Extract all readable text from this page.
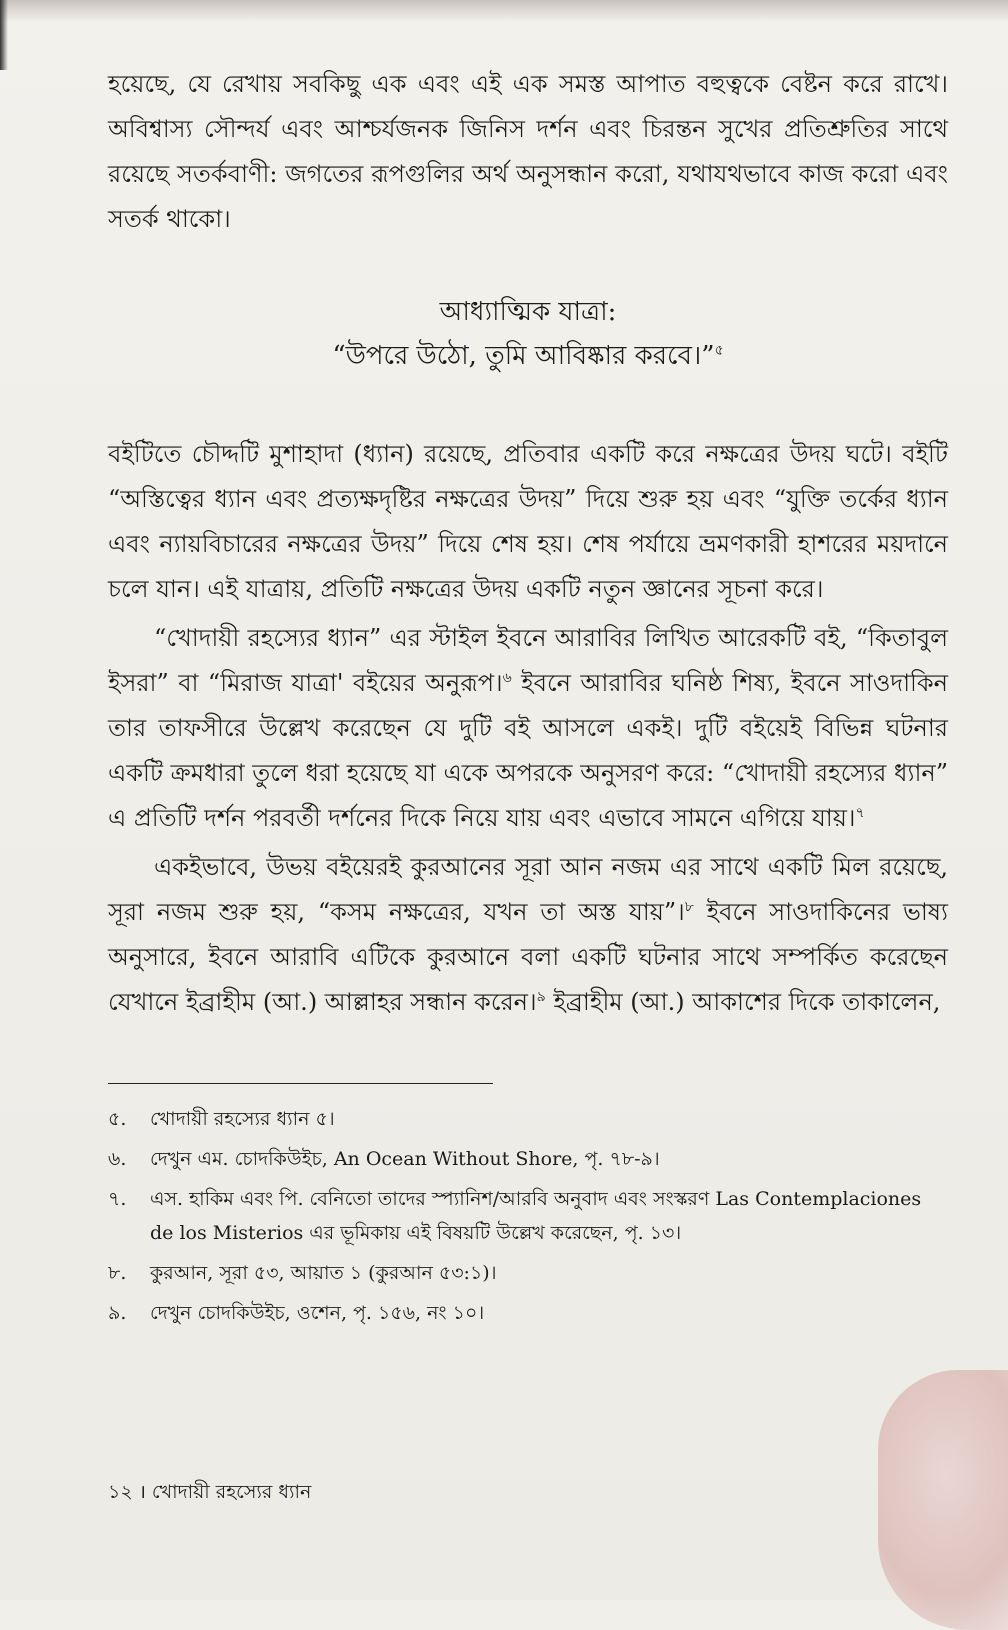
হয়েছে, যে রেখায় সবকিছু এক এবং এই এক সমস্ত আপাত বহুত্বকে বেষ্টন করে রাখে। অবিশ্বাস্য সৌন্দর্য এবং আশ্চর্যজনক জিনিস দর্শন এবং চিরন্তন সুখের প্রতিশ্রুতির সাথে রয়েছে সতর্কবাণী: জগতের রূপগুলির অর্থ অনুসন্ধান করো, যথাযথভাবে কাজ করো এবং সতর্ক থাকো।

আধ্যাত্মিক যাত্রা:
“উপরে উঠো, তুমি আবিষ্কার করবে।”$^৫$

বইটিতে চৌদ্দটি মুশাহাদা (ধ্যান) রয়েছে, প্রতিবার একটি করে নক্ষত্রের উদয় ঘটে। বইটি “অস্তিত্বের ধ্যান এবং প্রত্যক্ষদৃষ্টির নক্ষত্রের উদয়” দিয়ে শুরু হয় এবং “যুক্তি তর্কের ধ্যান এবং ন্যায়বিচারের নক্ষত্রের উদয়” দিয়ে শেষ হয়। শেষ পর্যায়ে ভ্রমণকারী হাশরের ময়দানে চলে যান। এই যাত্রায়, প্রতিটি নক্ষত্রের উদয় একটি নতুন জ্ঞানের সূচনা করে।

“খোদায়ী রহস্যের ধ্যান” এর স্টাইল ইবনে আরাবির লিখিত আরেকটি বই, “কিতাবুল ইসরা” বা “মিরাজ যাত্রা' বইয়ের অনুরূপ।$^৬$ ইবনে আরাবির ঘনিষ্ঠ শিষ্য, ইবনে সাওদাকিন তার তাফসীরে উল্লেখ করেছেন যে দুটি বই আসলে একই। দুটি বইয়েই বিভিন্ন ঘটনার একটি ক্রমধারা তুলে ধরা হয়েছে যা একে অপরকে অনুসরণ করে: “খোদায়ী রহস্যের ধ্যান” এ প্রতিটি দর্শন পরবর্তী দর্শনের দিকে নিয়ে যায় এবং এভাবে সামনে এগিয়ে যায়।$^৭$

একইভাবে, উভয় বইয়েরই কুরআনের সূরা আন নজম এর সাথে একটি মিল রয়েছে, সূরা নজম শুরু হয়, “কসম নক্ষত্রের, যখন তা অস্ত যায়”।$^৮$ ইবনে সাওদাকিনের ভাষ্য অনুসারে, ইবনে আরাবি এটিকে কুরআনে বলা একটি ঘটনার সাথে সম্পর্কিত করেছেন যেখানে ইব্রাহীম (আ.) আল্লাহর সন্ধান করেন।$^৯$ ইব্রাহীম (আ.) আকাশের দিকে তাকালেন,

৫.	খোদায়ী রহস্যের ধ্যান ৫।
৬.	দেখুন এম. চোদকিউইচ, An Ocean Without Shore, পৃ. ৭৮-৯।
৭.	এস. হাকিম এবং পি. বেনিতো তাদের স্প্যানিশ/আরবি অনুবাদ এবং সংস্করণ Las Contemplaciones de los Misterios এর ভূমিকায় এই বিষয়টি উল্লেখ করেছেন, পৃ. ১৩।
৮.	কুরআন, সূরা ৫৩, আয়াত ১ (কুরআন ৫৩:১)।
৯.	দেখুন চোদকিউইচ, ওশেন, পৃ. ১৫৬, নং ১০।
১২ । খোদায়ী রহস্যের ধ্যান
